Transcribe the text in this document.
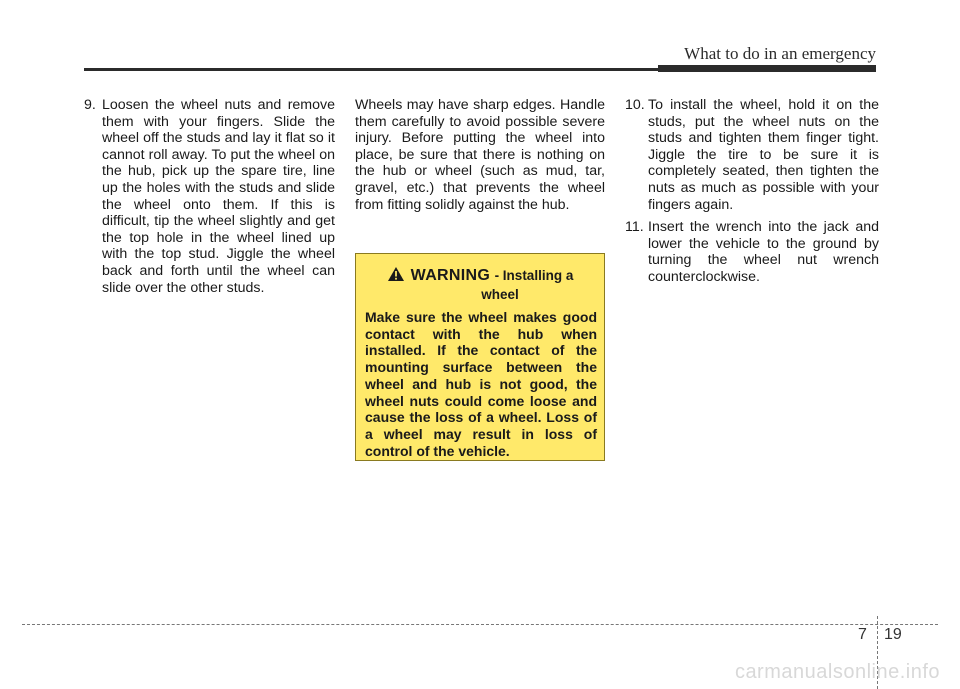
What to do in an emergency

9. Loosen the wheel nuts and remove them with your fingers. Slide the wheel off the studs and lay it flat so it cannot roll away. To put the wheel on the hub, pick up the spare tire, line up the holes with the studs and slide the wheel onto them. If this is difficult, tip the wheel slightly and get the top hole in the wheel lined up with the top stud. Jiggle the wheel back and forth until the wheel can slide over the other studs.

Wheels may have sharp edges. Handle them carefully to avoid possible severe injury. Before putting the wheel into place, be sure that there is nothing on the hub or wheel (such as mud, tar, gravel, etc.) that prevents the wheel from fitting solidly against the hub.

WARNING - Installing a
wheel
Make sure the wheel makes good contact with the hub when installed. If the contact of the mounting surface between the wheel and hub is not good, the wheel nuts could come loose and cause the loss of a wheel. Loss of a wheel may result in loss of control of the vehicle.

10. To install the wheel, hold it on the studs, put the wheel nuts on the studs and tighten them finger tight. Jiggle the tire to be sure it is completely seated, then tighten the nuts as much as possible with your fingers again.

11. Insert the wrench into the jack and lower the vehicle to the ground by turning the wheel nut wrench counterclockwise.

7 19
carmanualsonline.info
